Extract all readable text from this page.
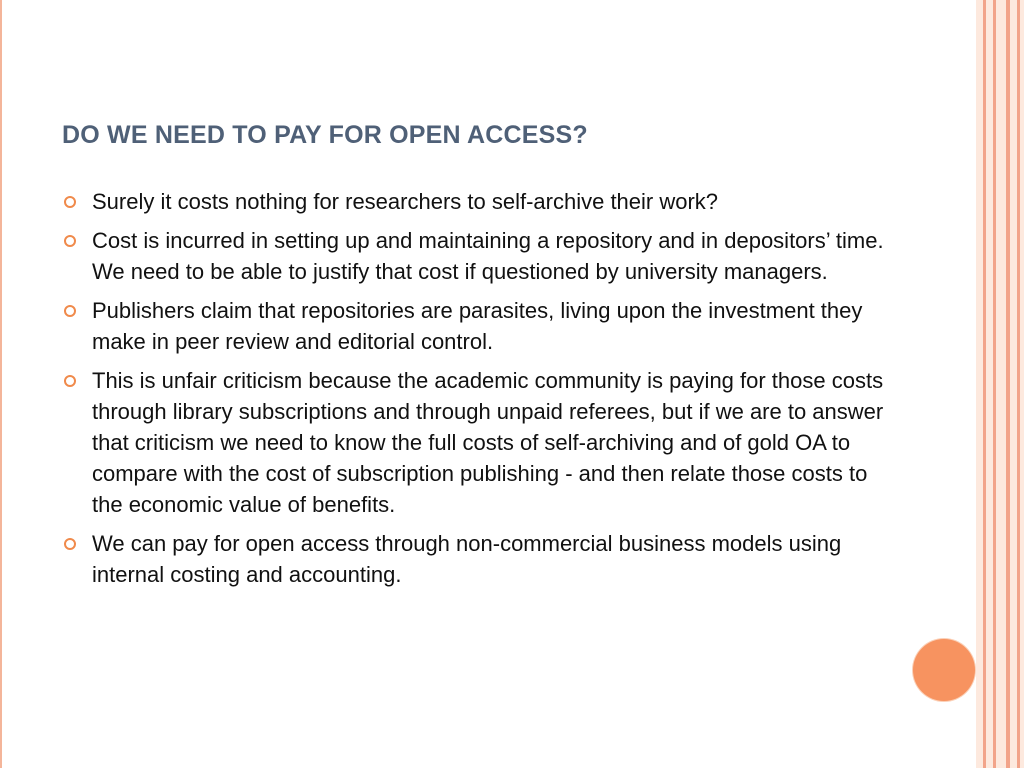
DO WE NEED TO PAY FOR OPEN ACCESS?
Surely it costs nothing for researchers to self-archive their work?
Cost is incurred in setting up and maintaining a repository and in depositors’ time. We need to be able to justify that cost if questioned by university managers.
Publishers claim that repositories are parasites, living upon the investment they make in peer review and editorial control.
This is unfair criticism because the academic community is paying for those costs through library subscriptions and through unpaid referees, but if we are to answer that criticism we need to know the full costs of self-archiving and of gold OA to compare with the cost of subscription publishing - and then relate those costs to the economic value of benefits.
We can pay for open access through non-commercial business models using internal costing and accounting.
